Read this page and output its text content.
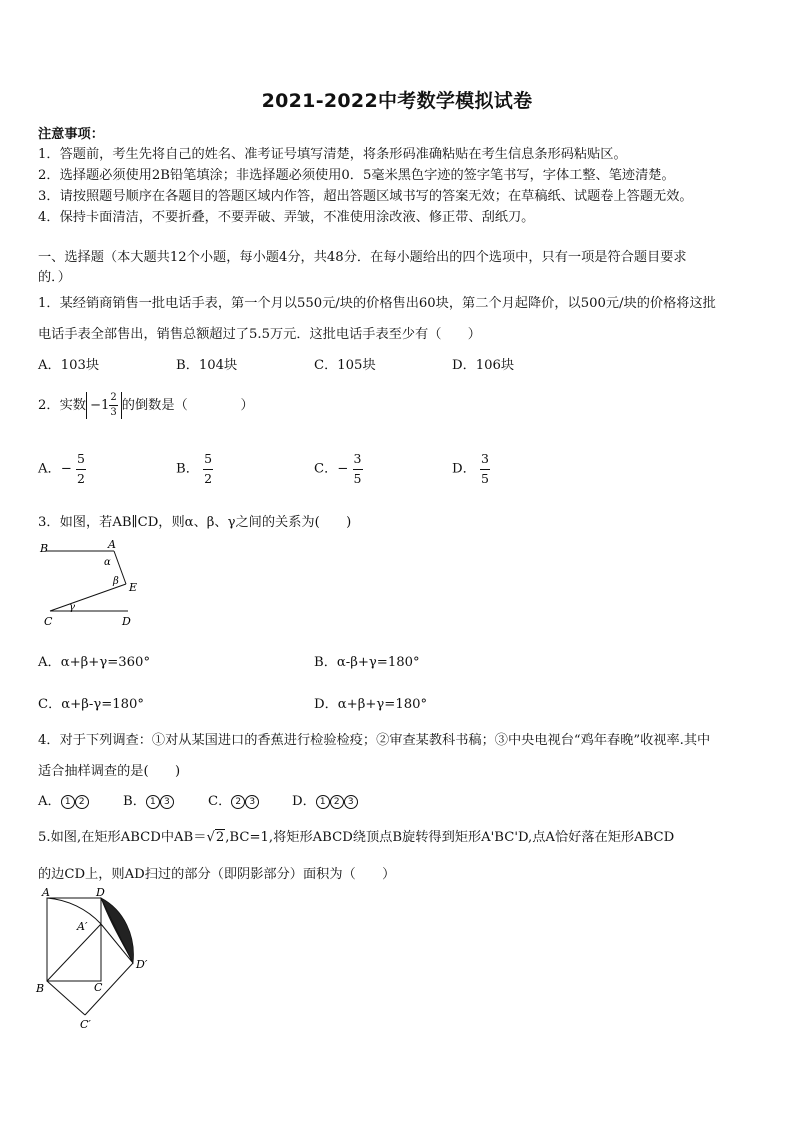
2021-2022中考数学模拟试卷
注意事项：
1．答题前，考生先将自己的姓名、准考证号填写清楚，将条形码准确粘贴在考生信息条形码粘贴区。
2．选择题必须使用2B铅笔填涂；非选择题必须使用0．5毫米黑色字迹的签字笔书写，字体工整、笔迹清楚。
3．请按照题号顺序在各题目的答题区域内作答，超出答题区域书写的答案无效；在草稿纸、试题卷上答题无效。
4．保持卡面清洁，不要折叠，不要弄破、弄皱，不准使用涂改液、修正带、刮纸刀。
一、选择题（本大题共12个小题，每小题4分，共48分．在每小题给出的四个选项中，只有一项是符合题目要求
的．）
1．某经销商销售一批电话手表，第一个月以550元/块的价格售出60块，第二个月起降价，以500元/块的价格将这批
电话手表全部售出，销售总额超过了5.5万元．这批电话手表至少有（　　）
A．103块	B．104块	C．105块	D．106块
2．实数 $-1 \frac{2}{3}$ 的倒数是（　　　　）
A．− $\frac{5}{2}$	B． $\frac{5}{2}$	C．− $\frac{3}{5}$	D． $\frac{3}{5}$
3．如图，若AB∥CD，则α、β、γ之间的关系为(　　)
B	A
α
β E
γ
C	D
A．α+β+γ=360°	B．α-β+γ=180°
C．α+β-γ=180°	D．α+β+γ=180°
4．对于下列调查：①对从某国进口的香蕉进行检验检疫；②审查某教科书稿；③中央电视台“鸡年春晚”收视率.其中
适合抽样调查的是(　　)
A． 1 2	B． 1 3	C． 2 3	D． 1 2 3
5.如图,在矩形ABCD中AB＝√2,BC=1,将矩形ABCD绕顶点B旋转得到矩形A'BC'D,点A恰好落在矩形ABCD
的边CD上，则AD扫过的部分（即阴影部分）面积为（　　）
A	D
A′
D′
B	C
C′
